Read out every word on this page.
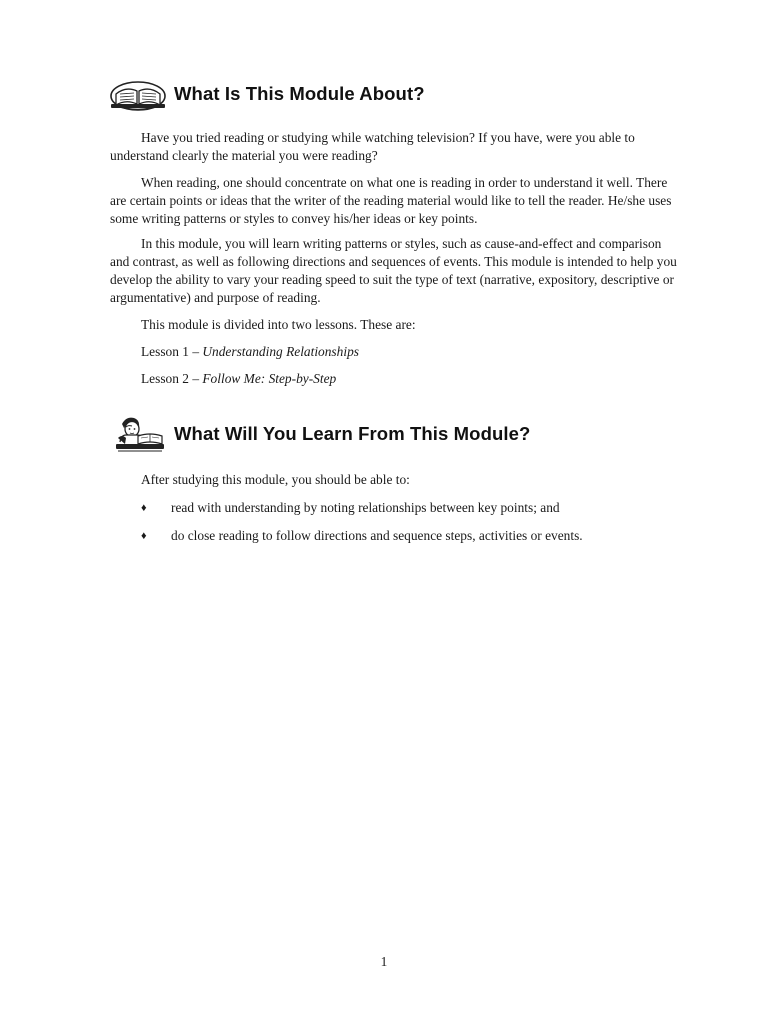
What Is This Module About?

Have you tried reading or studying while watching television? If you have, were you able to understand clearly the material you were reading?

When reading, one should concentrate on what one is reading in order to understand it well. There are certain points or ideas that the writer of the reading material would like to tell the reader. He/she uses some writing patterns or styles to convey his/her ideas or key points.

In this module, you will learn writing patterns or styles, such as cause-and-effect and comparison and contrast, as well as following directions and sequences of events. This module is intended to help you develop the ability to vary your reading speed to suit the type of text (narrative, expository, descriptive or argumentative) and purpose of reading.

This module is divided into two lessons. These are:

Lesson 1 – Understanding Relationships

Lesson 2 – Follow Me: Step-by-Step

What Will You Learn From This Module?

After studying this module, you should be able to:

♦ read with understanding by noting relationships between key points; and
♦ do close reading to follow directions and sequence steps, activities or events.
1
